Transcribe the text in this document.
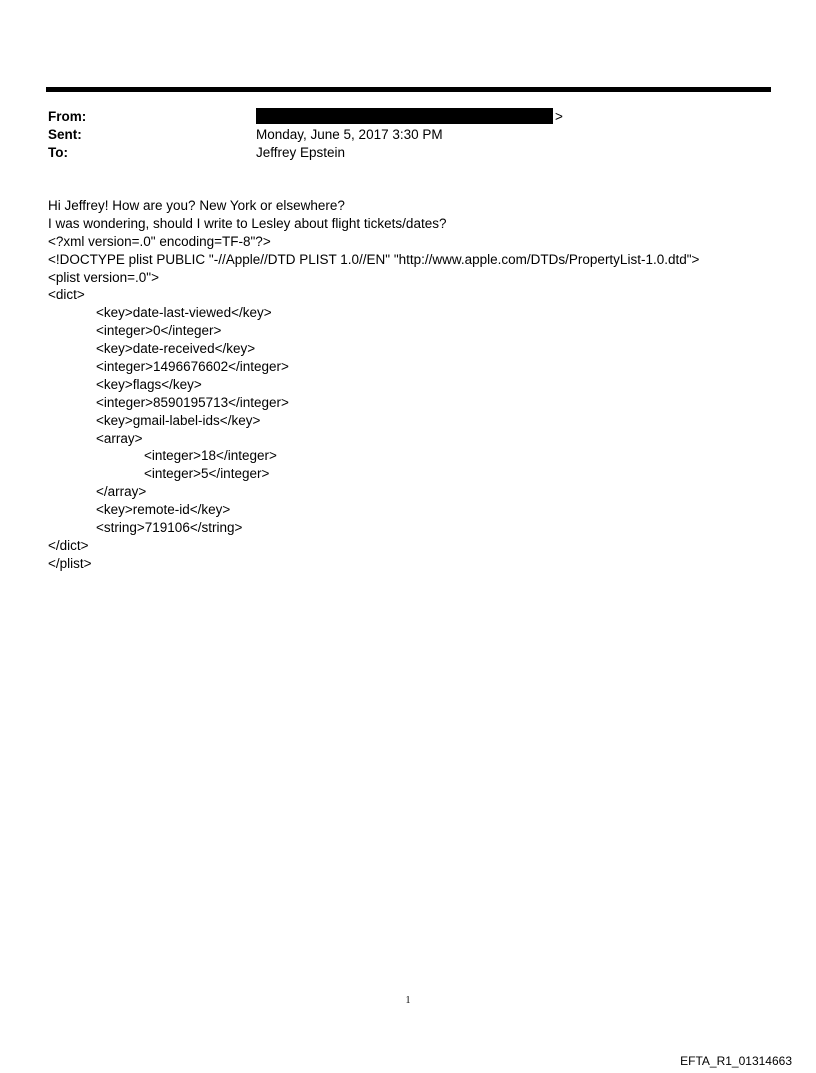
From:	>
Sent:	Monday, June 5, 2017 3:30 PM
To:	Jeffrey Epstein
Hi Jeffrey! How are you? New York or elsewhere?
I was wondering, should I write to Lesley about flight tickets/dates?
<?xml version=.0" encoding=TF-8"?>
<!DOCTYPE plist PUBLIC "-//Apple//DTD PLIST 1.0//EN" "http://www.apple.com/DTDs/PropertyList-1.0.dtd">
<plist version=.0">
<dict>
<key>date-last-viewed</key>
<integer>0</integer>
<key>date-received</key>
<integer>1496676602</integer>
<key>flags</key>
<integer>8590195713</integer>
<key>gmail-label-ids</key>
<array>
<integer>18</integer>
<integer>5</integer>
</array>
<key>remote-id</key>
<string>719106</string>
</dict>
</plist>
1
EFTA_R1_01314663
